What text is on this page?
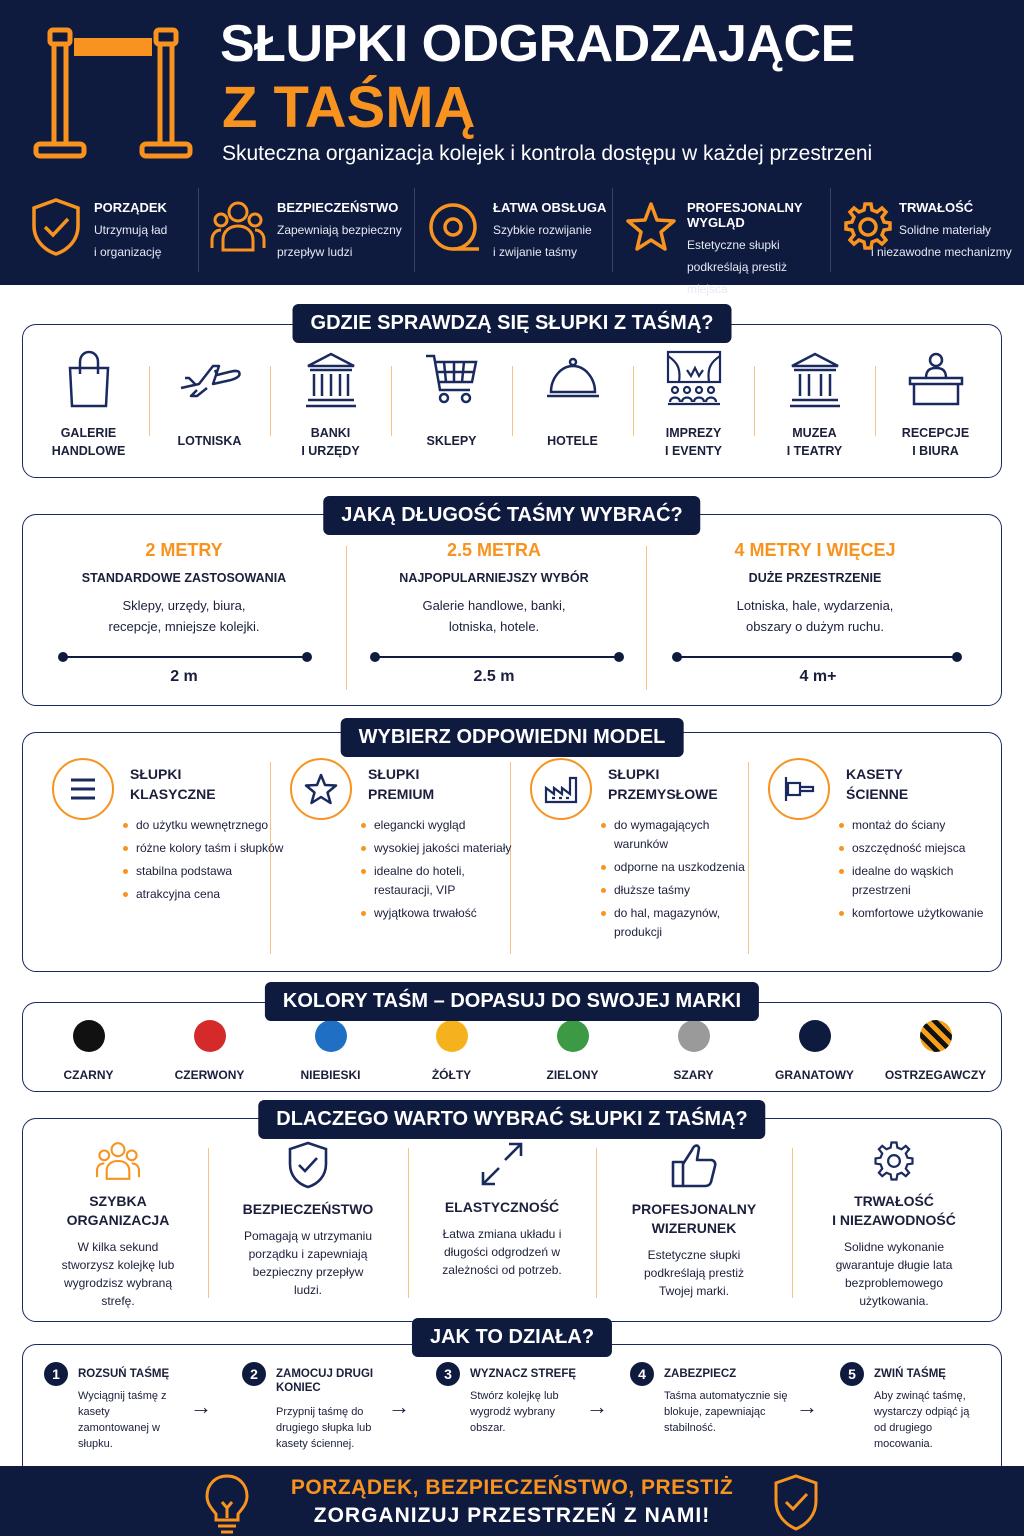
SŁUPKI ODGRADZAJĄCE
Z TAŚMĄ
Skuteczna organizacja kolejek i kontrola dostępu w każdej przestrzeni
PORZĄDEK
Utrzymują ład
i organizację
BEZPIECZEŃSTWO
Zapewniają bezpieczny
przepływ ludzi
ŁATWA OBSŁUGA
Szybkie rozwijanie
i zwijanie taśmy
PROFESJONALNY WYGLĄD
Estetyczne słupki
podkreślają prestiż miejsca
TRWAŁOŚĆ
Solidne materiały
i niezawodne mechanizmy
GDZIE SPRAWDZĄ SIĘ SŁUPKI Z TAŚMĄ?
GALERIE
HANDLOWE
LOTNISKA
BANKI
I URZĘDY
SKLEPY	HOTELE
IMPREZY
I EVENTY
MUZEA
I TEATRY
RECEPCJE
I BIURA
JAKĄ DŁUGOŚĆ TAŚMY WYBRAĆ?
2 METRY
STANDARDOWE ZASTOSOWANIA
Sklepy, urzędy, biura,
recepcje, mniejsze kolejki.
2.5 METRA
NAJPOPULARNIEJSZY WYBÓR
Galerie handlowe, banki,
lotniska, hotele.
4 METRY I WIĘCEJ
DUŻE PRZESTRZENIE
Lotniska, hale, wydarzenia,
obszary o dużym ruchu.
2 m	2.5 m	4 m+
WYBIERZ ODPOWIEDNI MODEL
SŁUPKI
KLASYCZNE
do użytku wewnętrznego
różne kolory taśm i słupków
stabilna podstawa
atrakcyjna cena
SŁUPKI
PREMIUM
elegancki wygląd
wysokiej jakości materiały
idealne do hoteli, restauracji, VIP
wyjątkowa trwałość
SŁUPKI
PRZEMYSŁOWE
do wymagających warunków
odporne na uszkodzenia
dłuższe taśmy
do hal, magazynów, produkcji
KASETY
ŚCIENNE
montaż do ściany
oszczędność miejsca
idealne do wąskich przestrzeni
komfortowe użytkowanie
KOLORY TAŚM – DOPASUJ DO SWOJEJ MARKI
CZARNY	CZERWONY	NIEBIESKI	ŻÓŁTY	ZIELONY	SZARY	GRANATOWY	OSTRZEGAWCZY
DLACZEGO WARTO WYBRAĆ SŁUPKI Z TAŚMĄ?
SZYBKA
ORGANIZACJA
W kilka sekund stworzysz kolejkę lub wygrodzisz wybraną strefę.
BEZPIECZEŃSTWO
Pomagają w utrzymaniu porządku i zapewniają bezpieczny przepływ ludzi.
ELASTYCZNOŚĆ
Łatwa zmiana układu i długości odgrodzeń w zależności od potrzeb.
PROFESJONALNY
WIZERUNEK
Estetyczne słupki podkreślają prestiż Twojej marki.
TRWAŁOŚĆ
I NIEZAWODNOŚĆ
Solidne wykonanie gwarantuje długie lata bezproblemowego użytkowania.
JAK TO DZIAŁA?
1	ROZSUŃ TAŚMĘ
Wyciągnij taśmę z kasety zamontowanej w słupku.
→
2	ZAMOCUJ DRUGI KONIEC
Przypnij taśmę do drugiego słupka lub kasety ściennej.
→
3	WYZNACZ STREFĘ
Stwórz kolejkę lub wygrodź wybrany obszar.
→
4	ZABEZPIECZ
Taśma automatycznie się blokuje, zapewniając stabilność.
→
5	ZWIŃ TAŚMĘ
Aby zwinąć taśmę, wystarczy odpiąć ją od drugiego mocowania.
PORZĄDEK, BEZPIECZEŃSTWO, PRESTIŻ
ZORGANIZUJ PRZESTRZEŃ Z NAMI!
